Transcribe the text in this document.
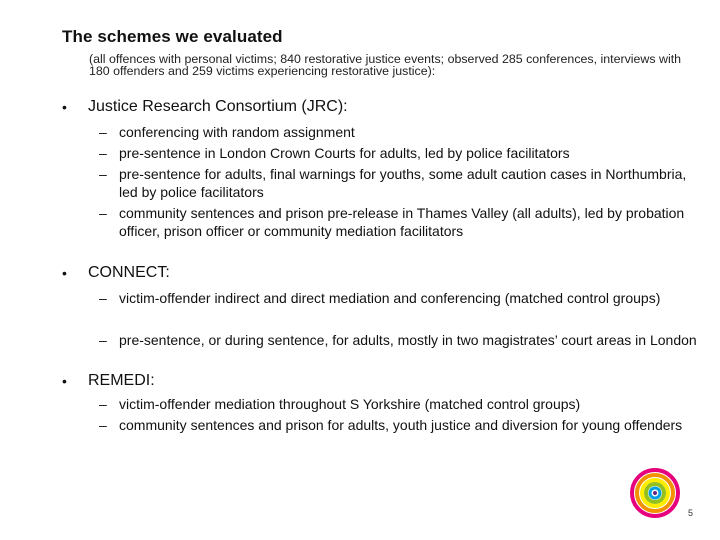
The schemes we evaluated
(all offences with personal victims; 840 restorative justice events; observed 285 conferences, interviews with 180 offenders and 259 victims experiencing restorative justice):
• Justice Research Consortium (JRC):
– conferencing with random assignment
– pre-sentence in London Crown Courts for adults, led by police facilitators
– pre-sentence for adults, final warnings for youths, some adult caution cases in Northumbria, led by police facilitators
– community sentences and prison pre-release in Thames Valley (all adults), led by probation officer, prison officer or community mediation facilitators
• CONNECT:
– victim-offender indirect and direct mediation and conferencing (matched control groups)
– pre-sentence, or during sentence, for adults, mostly in two magistrates’ court areas in London
• REMEDI:
– victim-offender mediation throughout S Yorkshire (matched control groups)
– community sentences and prison for adults, youth justice and diversion for young offenders
5
